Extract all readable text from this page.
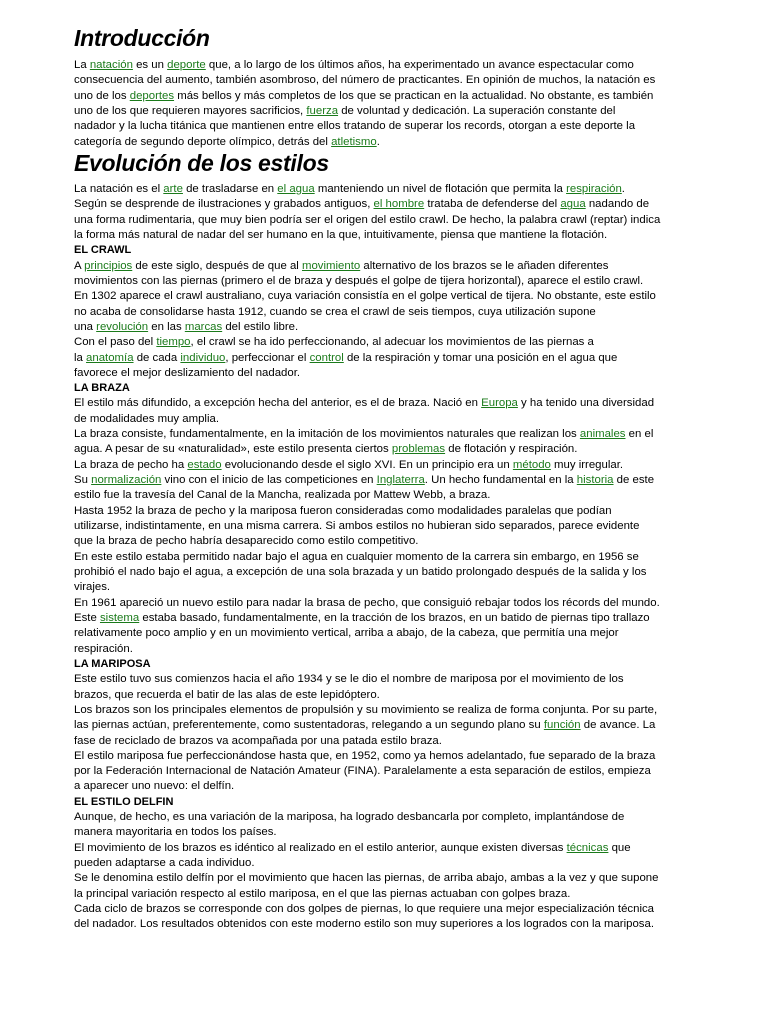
Introducción
Evolución de los estilos
La natación es un deporte que, a lo largo de los últimos años, ha experimentado un avance espectacular como
consecuencia del aumento, también asombroso, del número de practicantes. En opinión de muchos, la natación es
uno de los deportes más bellos y más completos de los que se practican en la actualidad. No obstante, es también
uno de los que requieren mayores sacrificios, fuerza de voluntad y dedicación. La superación constante del
nadador y la lucha titánica que mantienen entre ellos tratando de superar los records, otorgan a este deporte la
categoría de segundo deporte olímpico, detrás del atletismo.
La natación es el arte de trasladarse en el agua manteniendo un nivel de flotación que permita la respiración.
Según se desprende de ilustraciones y grabados antiguos, el hombre trataba de defenderse del agua nadando de
una forma rudimentaria, que muy bien podría ser el origen del estilo crawl. De hecho, la palabra crawl (reptar) indica
la forma más natural de nadar del ser humano en la que, intuitivamente, piensa que mantiene la flotación.
EL CRAWL
A principios de este siglo, después de que al movimiento alternativo de los brazos se le añaden diferentes
movimientos con las piernas (primero el de braza y después el golpe de tijera horizontal), aparece el estilo crawl.
En 1302 aparece el crawl australiano, cuya variación consistía en el golpe vertical de tijera. No obstante, este estilo
no acaba de consolidarse hasta 1912, cuando se crea el crawl de seis tiempos, cuya utilización supone
una revolución en las marcas del estilo libre.
Con el paso del tiempo, el crawl se ha ido perfeccionando, al adecuar los movimientos de las piernas a
la anatomía de cada individuo, perfeccionar el control de la respiración y tomar una posición en el agua que
favorece el mejor deslizamiento del nadador.
LA BRAZA
El estilo más difundido, a excepción hecha del anterior, es el de braza. Nació en Europa y ha tenido una diversidad
de modalidades muy amplia.
La braza consiste, fundamentalmente, en la imitación de los movimientos naturales que realizan los animales en el
agua. A pesar de su «naturalidad», este estilo presenta ciertos problemas de flotación y respiración.
La braza de pecho ha estado evolucionando desde el siglo XVI. En un principio era un método muy irregular.
Su normalización vino con el inicio de las competiciones en Inglaterra. Un hecho fundamental en la historia de este
estilo fue la travesía del Canal de la Mancha, realizada por Mattew Webb, a braza.
Hasta 1952 la braza de pecho y la mariposa fueron consideradas como modalidades paralelas que podían
utilizarse, indistintamente, en una misma carrera. Si ambos estilos no hubieran sido separados, parece evidente
que la braza de pecho habría desaparecido como estilo competitivo.
En este estilo estaba permitido nadar bajo el agua en cualquier momento de la carrera sin embargo, en 1956 se
prohibió el nado bajo el agua, a excepción de una sola brazada y un batido prolongado después de la salida y los
virajes.
En 1961 apareció un nuevo estilo para nadar la brasa de pecho, que consiguió rebajar todos los récords del mundo.
Este sistema estaba basado, fundamentalmente, en la tracción de los brazos, en un batido de piernas tipo trallazo
relativamente poco amplio y en un movimiento vertical, arriba a abajo, de la cabeza, que permitía una mejor
respiración.
LA MARIPOSA
Este estilo tuvo sus comienzos hacia el año 1934 y se le dio el nombre de mariposa por el movimiento de los
brazos, que recuerda el batir de las alas de este lepidóptero.
Los brazos son los principales elementos de propulsión y su movimiento se realiza de forma conjunta. Por su parte,
las piernas actúan, preferentemente, como sustentadoras, relegando a un segundo plano su función de avance. La
fase de reciclado de brazos va acompañada por una patada estilo braza.
El estilo mariposa fue perfeccionándose hasta que, en 1952, como ya hemos adelantado, fue separado de la braza
por la Federación Internacional de Natación Amateur (FINA). Paralelamente a esta separación de estilos, empieza
a aparecer uno nuevo: el delfín.
EL ESTILO DELFIN
Aunque, de hecho, es una variación de la mariposa, ha logrado desbancarla por completo, implantándose de
manera mayoritaria en todos los países.
El movimiento de los brazos es idéntico al realizado en el estilo anterior, aunque existen diversas técnicas que
pueden adaptarse a cada individuo.
Se le denomina estilo delfín por el movimiento que hacen las piernas, de arriba abajo, ambas a la vez y que supone
la principal variación respecto al estilo mariposa, en el que las piernas actuaban con golpes braza.
Cada ciclo de brazos se corresponde con dos golpes de piernas, lo que requiere una mejor especialización técnica
del nadador. Los resultados obtenidos con este moderno estilo son muy superiores a los logrados con la mariposa.
